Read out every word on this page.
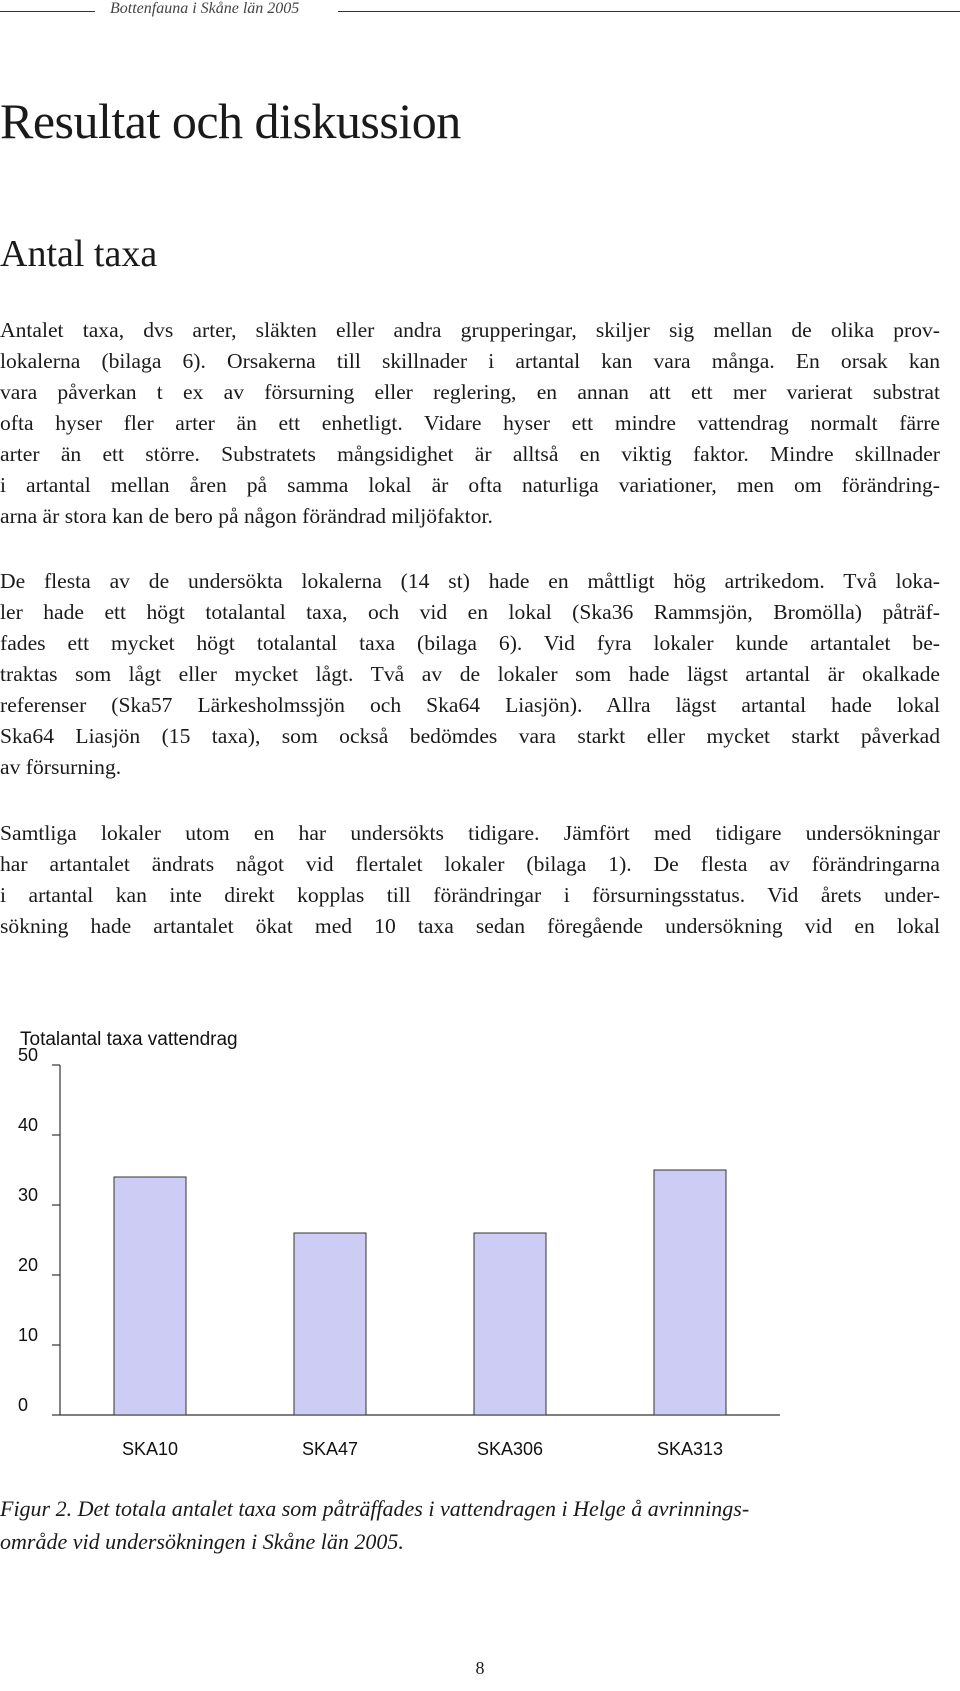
Bottenfauna i Skåne län 2005
Resultat och diskussion
Antal taxa
Antalet taxa, dvs arter, släkten eller andra grupperingar, skiljer sig mellan de olika prov-
lokalerna (bilaga 6). Orsakerna till skillnader i artantal kan vara många. En orsak kan
vara påverkan t ex av försurning eller reglering, en annan att ett mer varierat substrat
ofta hyser fler arter än ett enhetligt. Vidare hyser ett mindre vattendrag normalt färre
arter än ett större. Substratets mångsidighet är alltså en viktig faktor. Mindre skillnader
i artantal mellan åren på samma lokal är ofta naturliga variationer, men om förändring-
arna är stora kan de bero på någon förändrad miljöfaktor.
De flesta av de undersökta lokalerna (14 st) hade en måttligt hög artrikedom. Två loka-
ler hade ett högt totalantal taxa, och vid en lokal (Ska36 Rammsjön, Bromölla) påträf-
fades ett mycket högt totalantal taxa (bilaga 6). Vid fyra lokaler kunde artantalet be-
traktas som lågt eller mycket lågt. Två av de lokaler som hade lägst artantal är okalkade
referenser (Ska57 Lärkesholmssjön och Ska64 Liasjön). Allra lägst artantal hade lokal
Ska64 Liasjön (15 taxa), som också bedömdes vara starkt eller mycket starkt påverkad
av försurning.
Samtliga lokaler utom en har undersökts tidigare. Jämfört med tidigare undersökningar
har artantalet ändrats något vid flertalet lokaler (bilaga 1). De flesta av förändringarna
i artantal kan inte direkt kopplas till förändringar i försurningsstatus. Vid årets under-
sökning hade artantalet ökat med 10 taxa sedan föregående undersökning vid en lokal
Totalantal taxa vattendrag
0
10
20
30
40
50
SKA10	SKA47	SKA306	SKA313
Figur 2. Det totala antalet taxa som påträffades i vattendragen i Helge å avrinnings-
område vid undersökningen i Skåne län 2005.
8
